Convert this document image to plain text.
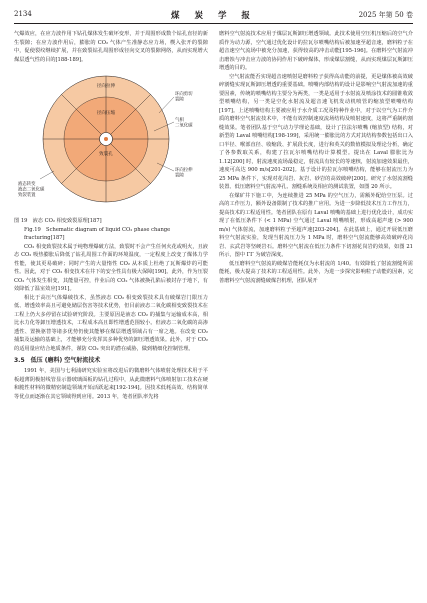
2134	煤 炭 学 报	2025 年第 50 卷

气爆效应，在应力波作用下钻孔煤体发生破坏变形，并于周围形成数个钻孔直径的新生裂隙；在应力波作用后，膨胀的 CO₂ 气体产生准静态应力场，楔入张开的裂隙中，促使裂纹继续扩展，并在致裂钻孔周围形成径向交叉的裂隙网络，从而实现增大煤层透气性的目的[188-189]。

径向拉伸
径向压缩
致裂孔
环向剪切 裂隙
气相 二氧化碳
环向拉伸 裂隙
液态转变 液态二氧化碳 致裂装置

图 19　液态 CO₂ 相变致裂原理[187]

Fig.19　Schematic diagram of liquid CO₂ phase change

fracturing[187]

CO₂ 相变致裂技术属于纯物理爆破方法，致裂时不会产生任何火花或明火，且液态 CO₂ 吸热膨胀后降低了钻孔周围工作面的环境温度，一定程度上改变了煤体力学性能，使其更易破碎；同时产生的大量惰性 CO₂ 从本质上杜绝了瓦斯爆炸的可能性。因此，对于 CO₂ 相变技术在井下的安全性具有极大保障[190]。此外，作为压裂 CO₂ 气体发生相变，其能量可控，作业后的 CO₂ 气体被换孔陷后被封存于地下，有效降低了温室效应[191]。

相比于高压气体爆破技术，虽然液态 CO₂ 相变致裂技术具有破煤岩门限压力低、增透效率高且可避免储层伤害等技术优势，但目前液态二氧化碳相变致裂技术在工程上仍大多停留在试验研究阶段。主要原因是液态 CO₂ 的捕集与运输成本高，相比水力化等卸压增透技术，工程成本高且即性增透范围较小。但液态二氧化碳的高渗透性、置换驱替等诸多优势仍使其能够在煤层增透领域占有一席之地。在改变 CO₂ 捕集及运输的基础上，才能够充分发挥其多种优势的卸压增透效果。此外，对于 CO₂ 的适用量应结合地质条件，谨防 CO₂ 突出的潜在威胁，做到精细化控制管理。

3.5　低压 (磨料) 空气射流技术

1991 年，美国与七利浦研究实验室将改进后的微磨料气体喷射处理技术用于平板超薄阴极射线管显示器玻璃面板的钻孔过程中，从此微磨料气体喷射加工技术在硬和脆性材料的微精密制造领域开始活跃起来[192-194]。因技术低耗高效、结构简单等优点而逐渐在其它领域得到应用。2013 年，笔者团队率先将

磨料空气射流技术应用于煤层瓦斯卸压增透领域。此技术使用空压机压缩后的空气介质作为动力源，空气通过优化设计的拉瓦尔喷嘴结构后被加速至超音速，磨料粒子在超音速空气流场中被充分加速，获得较高的冲击动能[195-196]。在磨料空气射流冲击磨蚀与冲击应力波的协同作用下破碎煤体，形成煤层割缝，从而实现煤层瓦斯卸压增透的目的。

空气射流能否实现超音速喷射是磨料粒子获得高动能的前提，更是煤体被高效破碎割缝实现瓦斯卸压增透的重要基础。喷嘴内部结构的设计是影响空气射流加速的重要因素，传统的喷嘴结构主要分为两类，一类是适用于水射流及喷涂技术的圆锥收敛型喷嘴结构，另一类是空化水射流及超音速飞机发动机喷管的缩放型喷嘴结构[197]。上述喷嘴结构主要被应用于水介质工况及特种作业中，对于以空气为工作介质的磨料空气射流技术中，不能有效控制速度流场结构及喷射速度，这将严重制约割缝效果。笔者团队基于空气动力学理论基础，设计了拉法尔喷嘴 (缩放型) 结构，对新型的 Laval 喷嘴结构[198-199]，采用统一膨胀比的方式对其结构参数包括出口入口半径、喉部直径、收缩段、扩展段长度，进行和英关的数值模拟及理论分析，确定了各参数取关系，构建了拉瓦尔喷嘴结构计算模型。提出在 Laval 膨胀比为 1.12[200] 时，射流速度流场最稳定，射流具有较长的等速核，射流加速效果最佳，速度可高达 900 m/s[201-202]。基于设计的拉瓦尔喷嘴结构，能够在射流压力为 25 MPa 条件下，实现对花岗岩、灰岩、砂岩的高效破碎[200]。研究了水射流割缝装置、低压磨料空气射流冲孔、割缝系统及相应的测试装置，如图 20 所示。

在煤矿井下施工中，为连续推进 25 MPa 的空气压力，需额外配给空压泵。过高的工作压力，额外设备限制了技术的推广应用。为进一步降低技术压力工作压力，提高技术的工程适用性。笔者团队在原有 Laval 喷嘴的基础上进行优化设计，成功实现了在低压条件下 (< 1 MPa) 空气通过 Laval 喷嘴喷射，形成高超声速 (> 900 m/s) 气体射流，加速磨料粒子至超声速[203-204]。在此基础上，通过开展低压磨料空气射流实验，发现当射流压力为 1 MPa 时，磨料空气射流能够高效破碎花岗岩、玄武岩等坚硬岩石。磨料空气射流在低压力条件下切割花岗岩的效果，如图 21 所示，图中 ΓΓ 为破岩深度。

低压磨料空气射流的破煤岩能耗仅为水射流的 1/40。有效降低了射流割缝所需能耗，极大提高了技术的工程适用性。此外，为进一步探究影响粒子动能的因素，完善磨料空气射流割缝破煤岩机理，团队展开
